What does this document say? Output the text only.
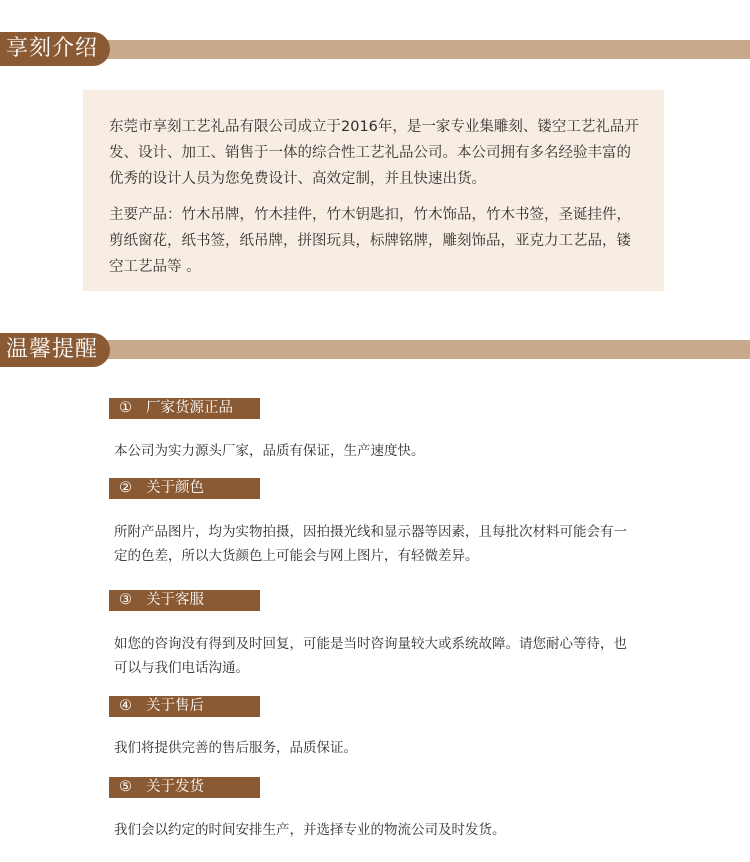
享刻介绍

东莞市享刻工艺礼品有限公司成立于2016年，是一家专业集雕刻、镂空工艺礼品开发、设计、加工、销售于一体的综合性工艺礼品公司。本公司拥有多名经验丰富的优秀的设计人员为您免费设计、高效定制，并且快速出货。

主要产品：竹木吊牌，竹木挂件，竹木钥匙扣，竹木饰品，竹木书签，圣诞挂件，剪纸窗花，纸书签，纸吊牌，拼图玩具，标牌铭牌，雕刻饰品，亚克力工艺品，镂空工艺品等 。

温馨提醒
① 厂家货源正品
本公司为实力源头厂家，品质有保证，生产速度快。
② 关于颜色
所附产品图片，均为实物拍摄，因拍摄光线和显示器等因素，且每批次材料可能会有一定的色差，所以大货颜色上可能会与网上图片，有轻微差异。
③ 关于客服
如您的咨询没有得到及时回复，可能是当时咨询量较大或系统故障。请您耐心等待，也可以与我们电话沟通。
④ 关于售后
我们将提供完善的售后服务，品质保证。
⑤ 关于发货
我们会以约定的时间安排生产，并选择专业的物流公司及时发货。
